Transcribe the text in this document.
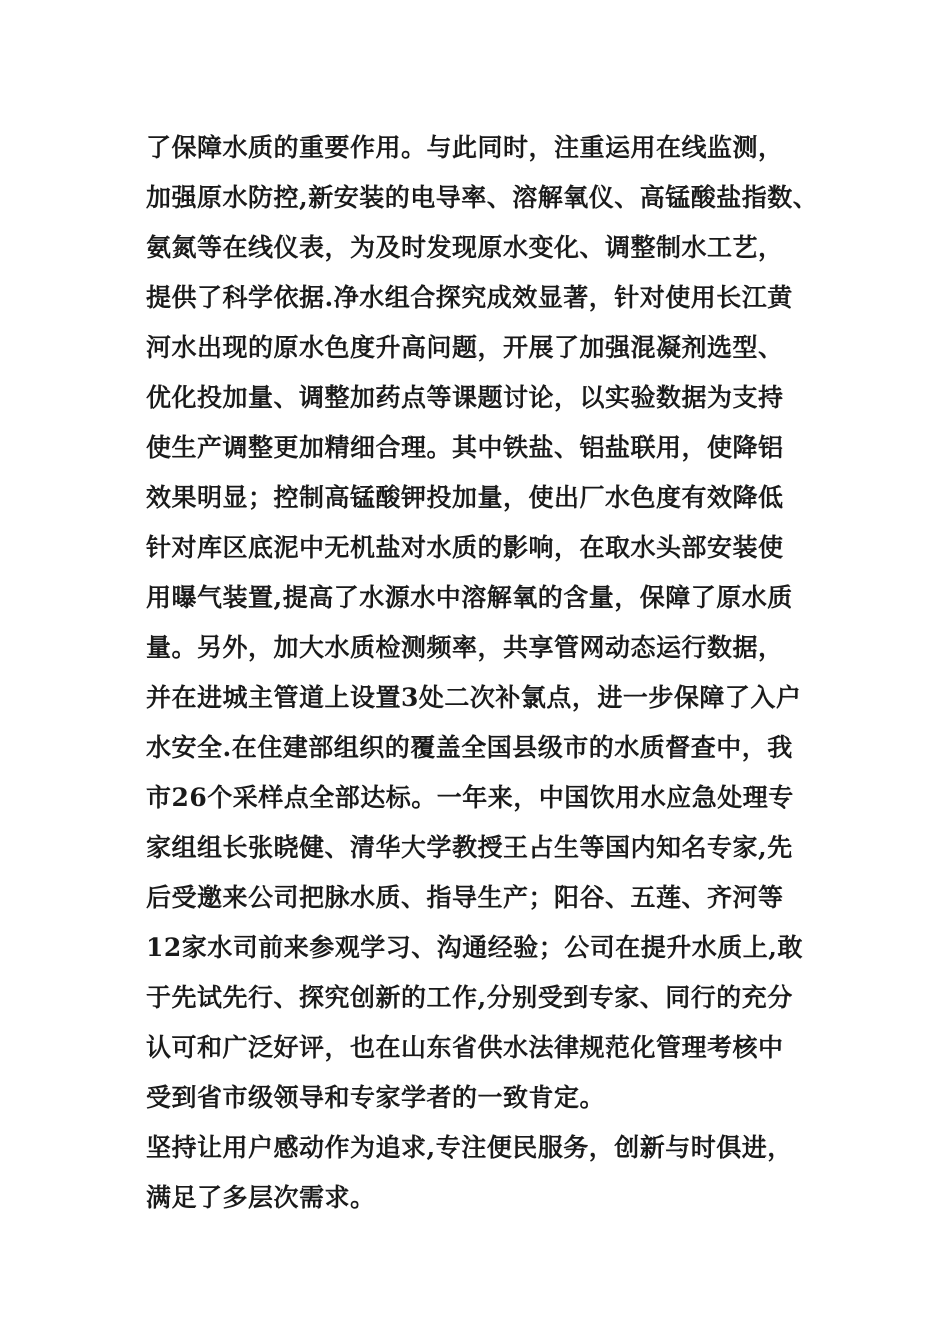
了保障水质的重要作用。与此同时，注重运用在线监测，
加强原水防控,新安装的电导率、溶解氧仪、高锰酸盐指数、
氨氮等在线仪表，为及时发现原水变化、调整制水工艺，
提供了科学依据.净水组合探究成效显著，针对使用长江黄
河水出现的原水色度升高问题，开展了加强混凝剂选型、
优化投加量、调整加药点等课题讨论，以实验数据为支持
使生产调整更加精细合理。其中铁盐、铝盐联用，使降铝
效果明显；控制高锰酸钾投加量，使出厂水色度有效降低
针对库区底泥中无机盐对水质的影响，在取水头部安装使
用曝气装置,提高了水源水中溶解氧的含量，保障了原水质
量。另外，加大水质检测频率，共享管网动态运行数据，
并在进城主管道上设置3处二次补氯点，进一步保障了入户
水安全.在住建部组织的覆盖全国县级市的水质督查中，我
市26个采样点全部达标。一年来，中国饮用水应急处理专
家组组长张晓健、清华大学教授王占生等国内知名专家,先
后受邀来公司把脉水质、指导生产；阳谷、五莲、齐河等
12家水司前来参观学习、沟通经验；公司在提升水质上,敢
于先试先行、探究创新的工作,分别受到专家、同行的充分
认可和广泛好评，也在山东省供水法律规范化管理考核中
受到省市级领导和专家学者的一致肯定。
坚持让用户感动作为追求,专注便民服务，创新与时俱进，
满足了多层次需求。
